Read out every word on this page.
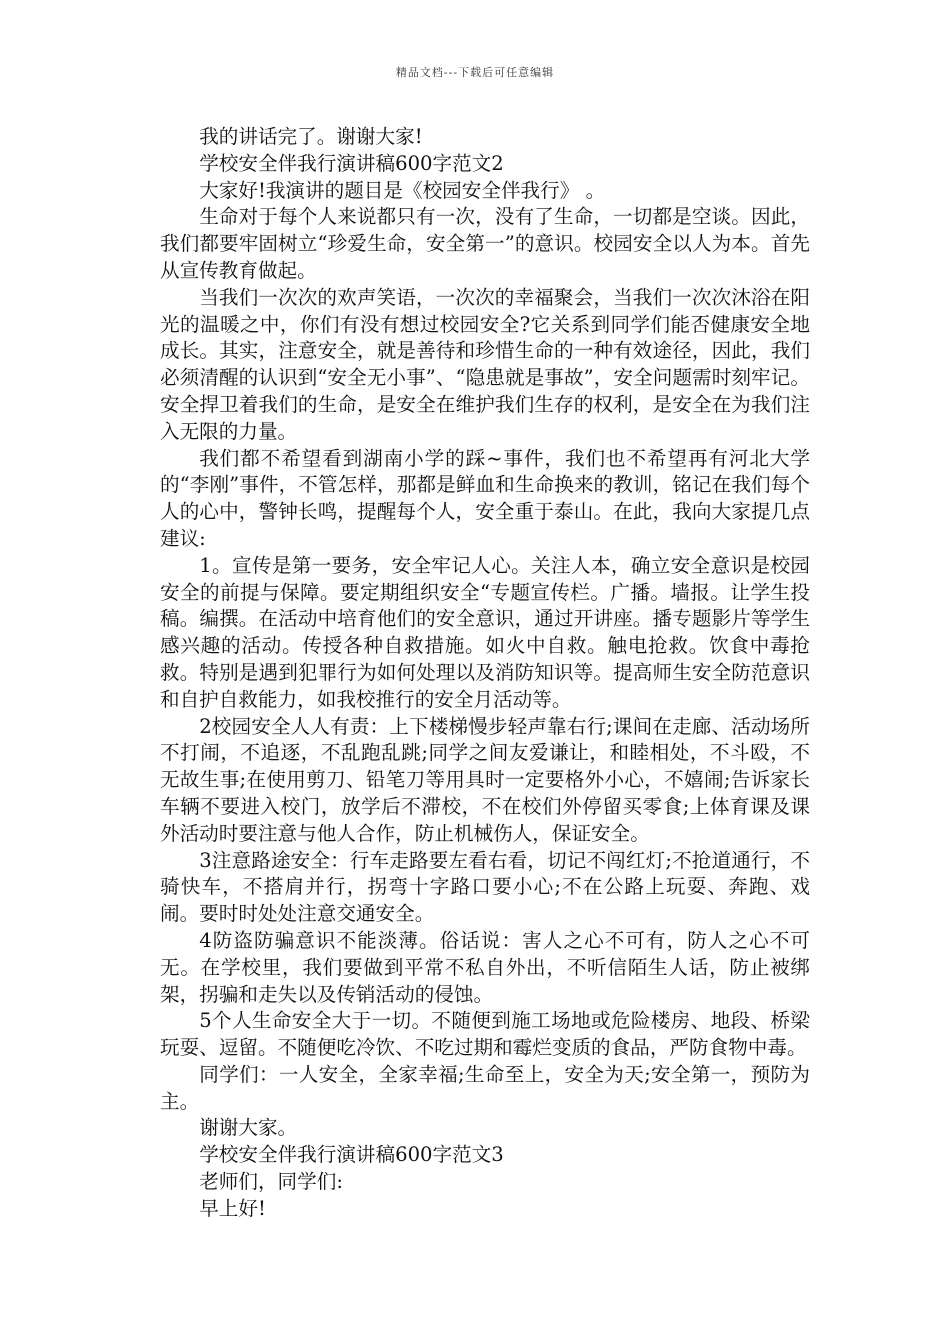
精品文档---下载后可任意编辑

我的讲话完了。谢谢大家!

学校安全伴我行演讲稿600字范文2

大家好!我演讲的题目是《校园安全伴我行》 。

生命对于每个人来说都只有一次，没有了生命，一切都是空谈。因此，我们都要牢固树立“珍爱生命，安全第一”的意识。校园安全以人为本。首先从宣传教育做起。

当我们一次次的欢声笑语，一次次的幸福聚会，当我们一次次沐浴在阳光的温暖之中，你们有没有想过校园安全?它关系到同学们能否健康安全地成长。其实，注意安全，就是善待和珍惜生命的一种有效途径，因此，我们必须清醒的认识到“安全无小事”、“隐患就是事故”，安全问题需时刻牢记。安全捍卫着我们的生命，是安全在维护我们生存的权利，是安全在为我们注入无限的力量。

我们都不希望看到湖南小学的踩~事件，我们也不希望再有河北大学的“李刚”事件，不管怎样，那都是鲜血和生命换来的教训，铭记在我们每个人的心中，警钟长鸣，提醒每个人，安全重于泰山。在此，我向大家提几点建议:

1。宣传是第一要务，安全牢记人心。关注人本，确立安全意识是校园安全的前提与保障。要定期组织安全“专题宣传栏。广播。墙报。让学生投稿。编撰。在活动中培育他们的安全意识，通过开讲座。播专题影片等学生感兴趣的活动。传授各种自救措施。如火中自救。触电抢救。饮食中毒抢救。特别是遇到犯罪行为如何处理以及消防知识等。提高师生安全防范意识和自护自救能力，如我校推行的安全月活动等。

2校园安全人人有责：上下楼梯慢步轻声靠右行;课间在走廊、活动场所不打闹，不追逐，不乱跑乱跳;同学之间友爱谦让，和睦相处，不斗殴，不无故生事;在使用剪刀、铅笔刀等用具时一定要格外小心，不嬉闹;告诉家长车辆不要进入校门，放学后不滞校，不在校们外停留买零食;上体育课及课外活动时要注意与他人合作，防止机械伤人，保证安全。

3注意路途安全：行车走路要左看右看，切记不闯红灯;不抢道通行，不骑快车，不搭肩并行，拐弯十字路口要小心;不在公路上玩耍、奔跑、戏闹。要时时处处注意交通安全。

4防盗防骗意识不能淡薄。俗话说：害人之心不可有，防人之心不可无。在学校里，我们要做到平常不私自外出，不听信陌生人话，防止被绑架，拐骗和走失以及传销活动的侵蚀。

5个人生命安全大于一切。不随便到施工场地或危险楼房、地段、桥梁玩耍、逗留。不随便吃冷饮、不吃过期和霉烂变质的食品，严防食物中毒。

同学们：一人安全，全家幸福;生命至上，安全为天;安全第一，预防为主。

谢谢大家。

学校安全伴我行演讲稿600字范文3

老师们，同学们:

早上好!
